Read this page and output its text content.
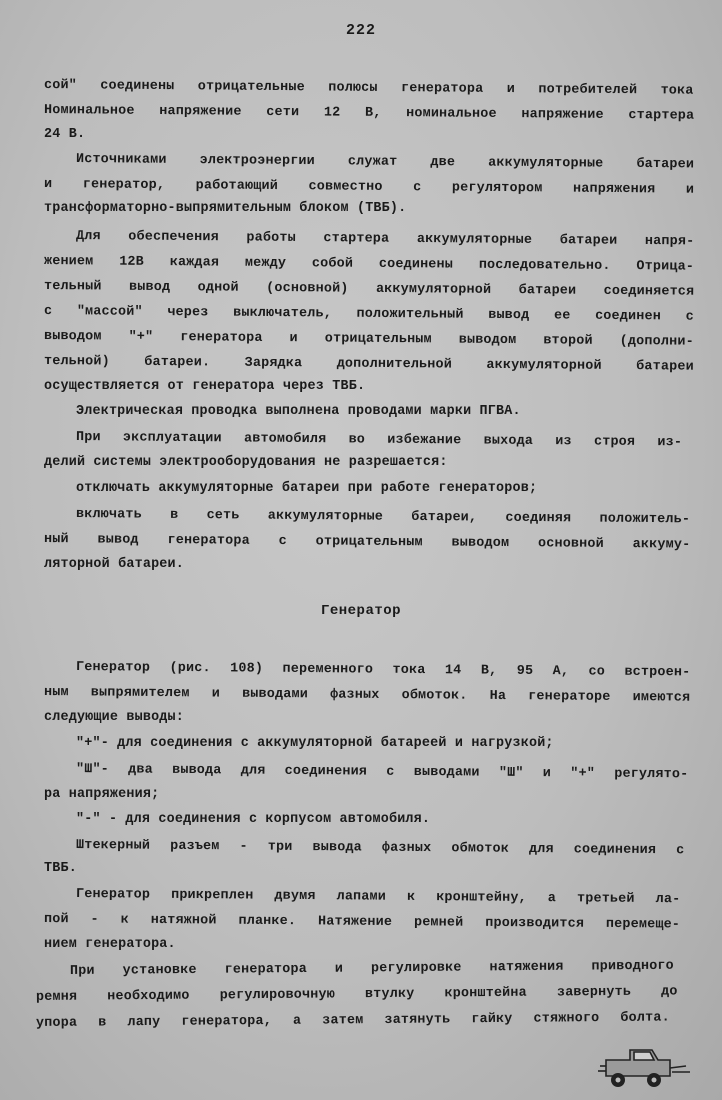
222
сой" соединены отрицательные полюсы генератора и потребителей тока
Номинальное напряжение сети 12 В, номинальное напряжение стартера
24 В.
Источниками электроэнергии служат две аккумуляторные батареи
и генератор, работающий совместно с регулятором напряжения и
трансформаторно-выпрямительным блоком (ТВБ).
Для обеспечения работы стартера аккумуляторные батареи напря-
жением 12В каждая между собой соединены последовательно. Отрица-
тельный вывод одной (основной) аккумуляторной батареи соединяется
с "массой" через выключатель, положительный вывод ее соединен с
выводом "+" генератора и отрицательным выводом второй (дополни-
тельной) батареи. Зарядка дополнительной аккумуляторной батареи
осуществляется от генератора через ТВБ.
Электрическая проводка выполнена проводами марки ПГВА.
При эксплуатации автомобиля во избежание выхода из строя из-
делий системы электрооборудования не разрешается:
отключать аккумуляторные батареи при работе генераторов;
включать в сеть аккумуляторные батареи, соединяя положитель-
ный вывод генератора с отрицательным выводом основной аккуму-
ляторной батареи.
Генератор
Генератор (рис. 108) переменного тока 14 В, 95 А, со встроен-
ным выпрямителем и выводами фазных обмоток. На генераторе имеются
следующие выводы:
"+"- для соединения с аккумуляторной батареей и нагрузкой;
"Ш"- два вывода для соединения с выводами "Ш" и "+" регулято-
ра напряжения;
"-" - для соединения с корпусом автомобиля.
Штекерный разъем - три вывода фазных обмоток для соединения с
ТВБ.
Генератор прикреплен двумя лапами к кронштейну, а третьей ла-
пой - к натяжной планке. Натяжение ремней производится перемеще-
нием генератора.
При установке генератора и регулировке натяжения приводного
ремня необходимо регулировочную втулку кронштейна завернуть до
упора в лапу генератора, а затем затянуть гайку стяжного болта.
